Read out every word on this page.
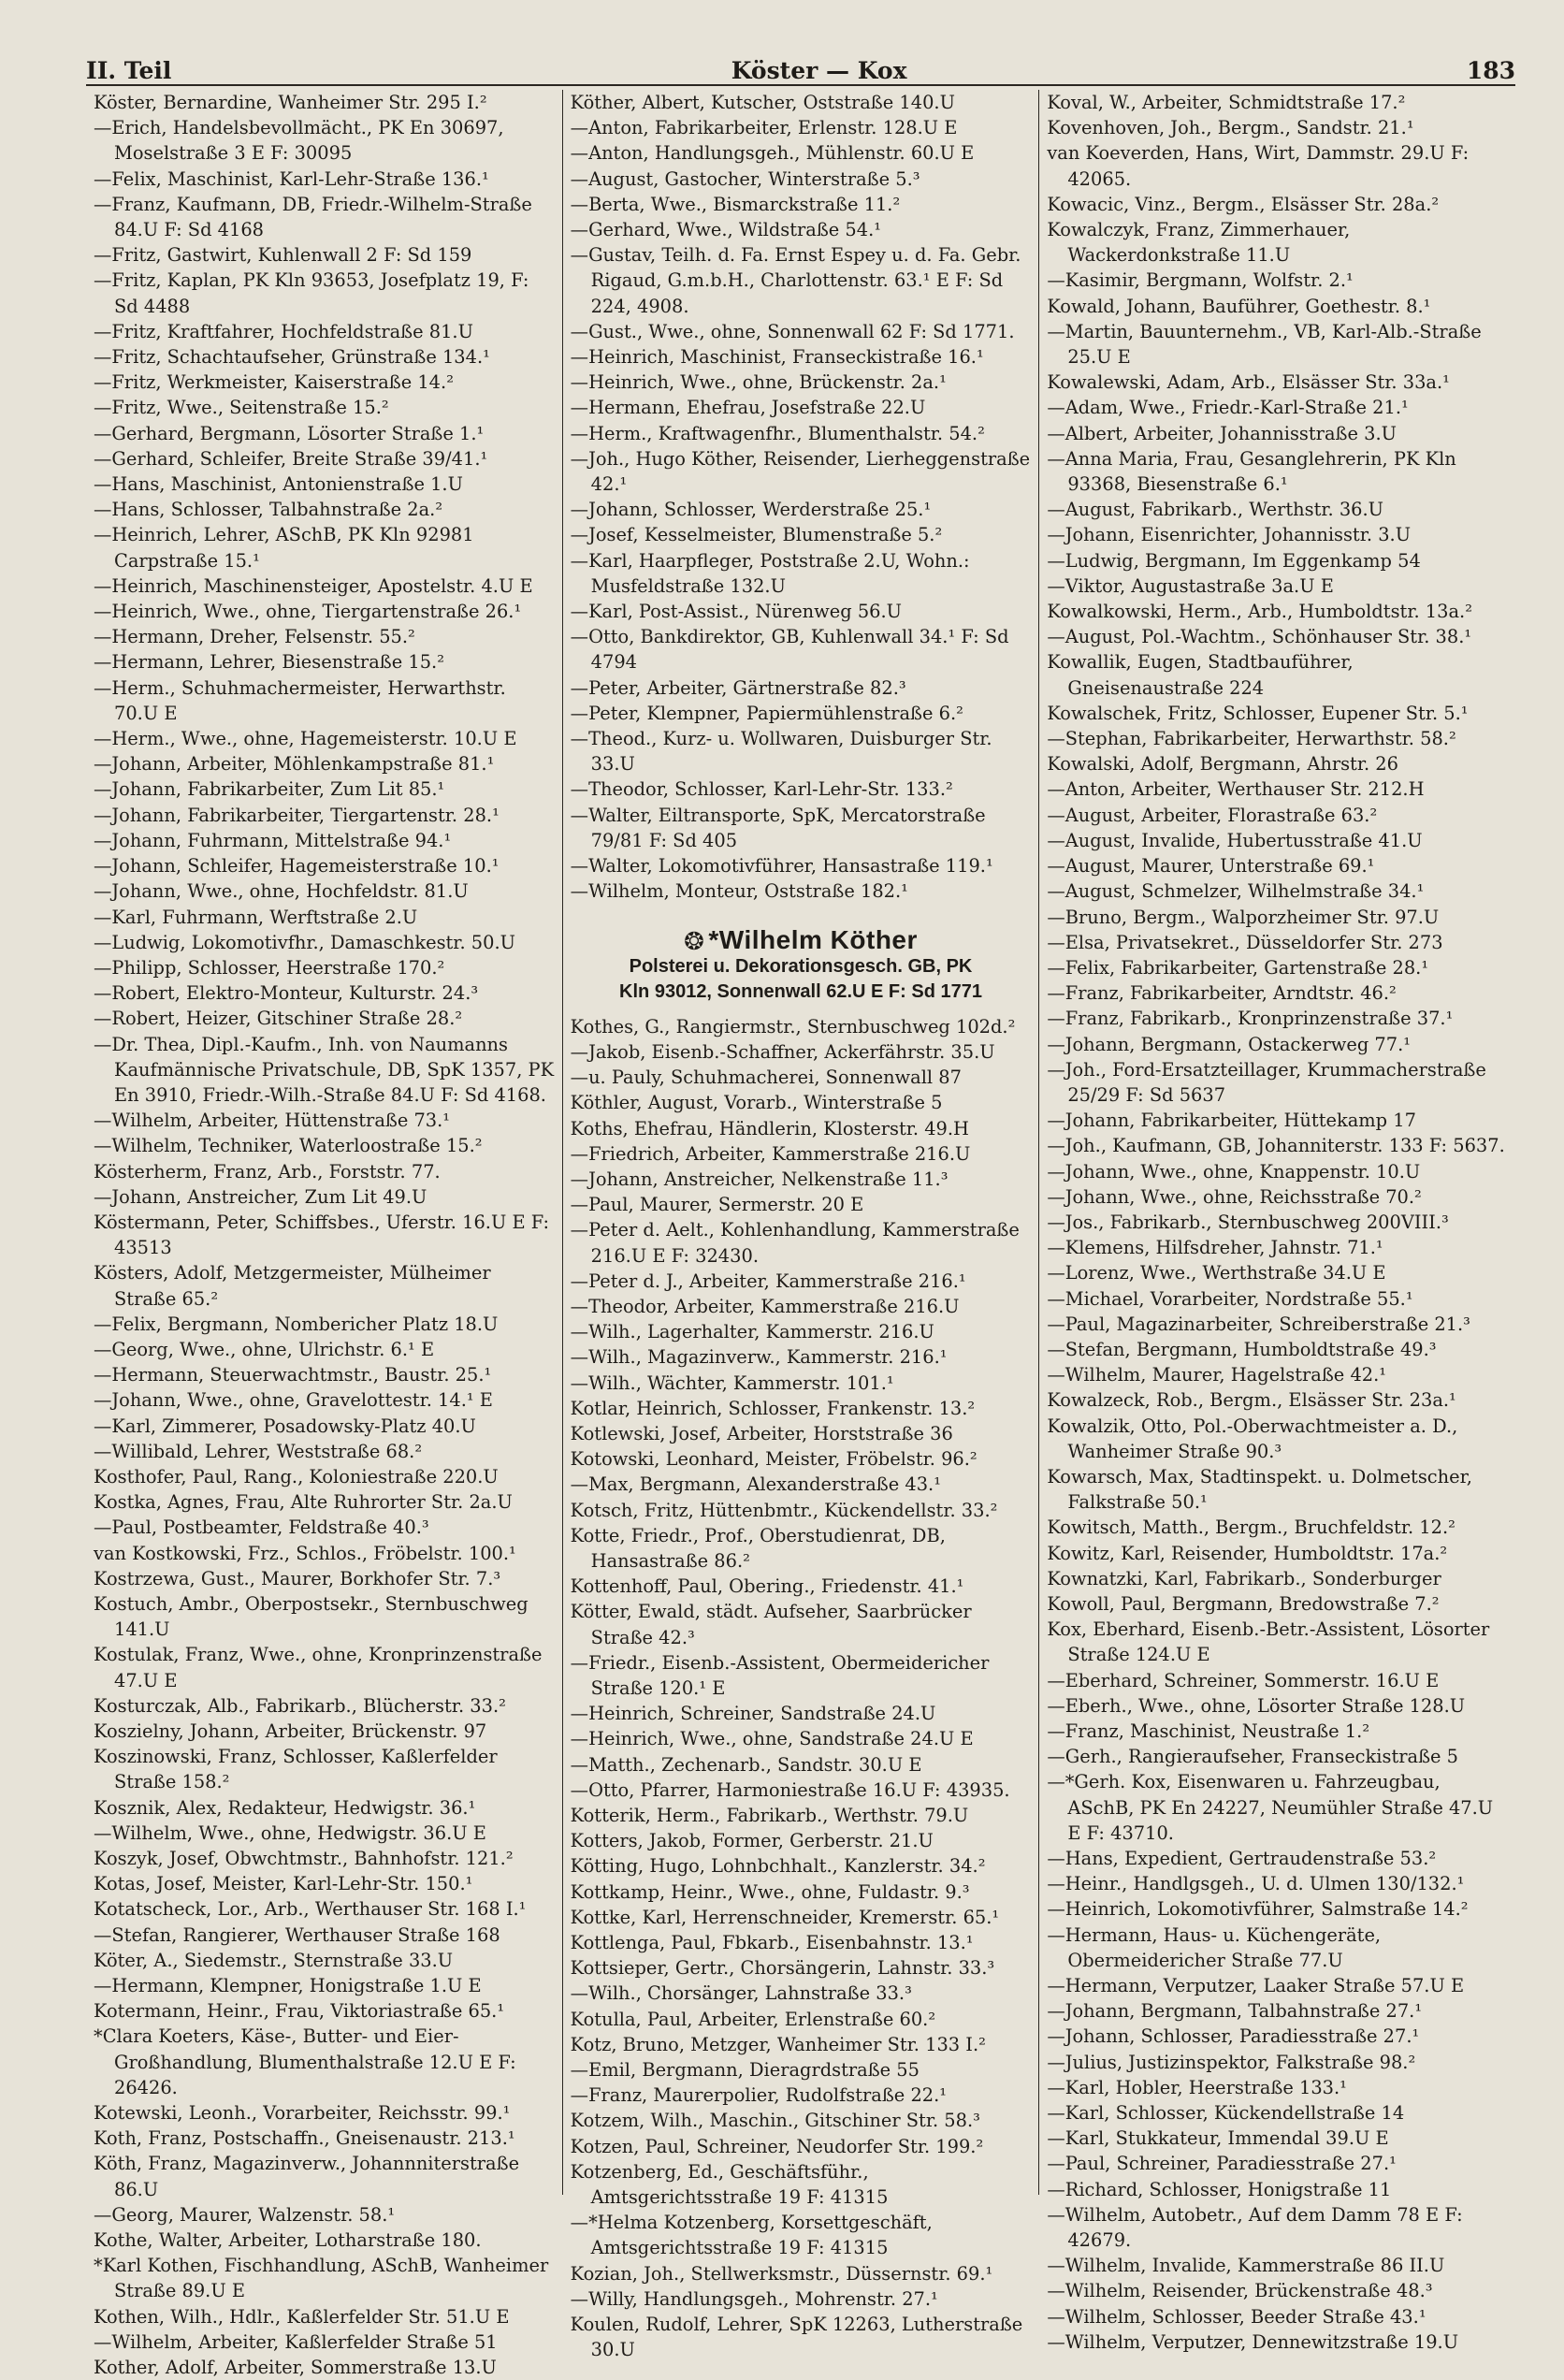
II. Teil	Köster — Kox	183
Köster, Bernardine, Wanheimer Str. 295 I.²
—Erich, Handelsbevollmächt., PK En 30697, Moselstraße 3 E F: 30095
—Felix, Maschinist, Karl-Lehr-Straße 136.¹
—Franz, Kaufmann, DB, Friedr.-Wilhelm-Straße 84.U F: Sd 4168
—Fritz, Gastwirt, Kuhlenwall 2 F: Sd 159
—Fritz, Kaplan, PK Kln 93653, Josefplatz 19, F: Sd 4488
—Fritz, Kraftfahrer, Hochfeldstraße 81.U
—Fritz, Schachtaufseher, Grünstraße 134.¹
—Fritz, Werkmeister, Kaiserstraße 14.²
—Fritz, Wwe., Seitenstraße 15.²
—Gerhard, Bergmann, Lösorter Straße 1.¹
—Gerhard, Schleifer, Breite Straße 39/41.¹
—Hans, Maschinist, Antonienstraße 1.U
—Hans, Schlosser, Talbahnstraße 2a.²
—Heinrich, Lehrer, ASchB, PK Kln 92981 Carpstraße 15.¹
—Heinrich, Maschinensteiger, Apostelstr. 4.U E
—Heinrich, Wwe., ohne, Tiergartenstraße 26.¹
—Hermann, Dreher, Felsenstr. 55.²
—Hermann, Lehrer, Biesenstraße 15.²
—Herm., Schuhmachermeister, Herwarthstr. 70.U E
—Herm., Wwe., ohne, Hagemeisterstr. 10.U E
—Johann, Arbeiter, Möhlenkampstraße 81.¹
—Johann, Fabrikarbeiter, Zum Lit 85.¹
—Johann, Fabrikarbeiter, Tiergartenstr. 28.¹
—Johann, Fuhrmann, Mittelstraße 94.¹
—Johann, Schleifer, Hagemeisterstraße 10.¹
—Johann, Wwe., ohne, Hochfeldstr. 81.U
—Karl, Fuhrmann, Werftstraße 2.U
—Ludwig, Lokomotivfhr., Damaschkestr. 50.U
—Philipp, Schlosser, Heerstraße 170.²
—Robert, Elektro-Monteur, Kulturstr. 24.³
—Robert, Heizer, Gitschiner Straße 28.²
—Dr. Thea, Dipl.-Kaufm., Inh. von Naumanns Kaufmännische Privatschule, DB, SpK 1357, PK En 3910, Friedr.-Wilh.-Straße 84.U F: Sd 4168.
—Wilhelm, Arbeiter, Hüttenstraße 73.¹
—Wilhelm, Techniker, Waterloostraße 15.²
Kösterherm, Franz, Arb., Forststr. 77.
—Johann, Anstreicher, Zum Lit 49.U
Köstermann, Peter, Schiffsbes., Uferstr. 16.U E F: 43513
Kösters, Adolf, Metzgermeister, Mülheimer Straße 65.²
—Felix, Bergmann, Nombericher Platz 18.U
—Georg, Wwe., ohne, Ulrichstr. 6.¹ E
—Hermann, Steuerwachtmstr., Baustr. 25.¹
—Johann, Wwe., ohne, Gravelottestr. 14.¹ E
—Karl, Zimmerer, Posadowsky-Platz 40.U
—Willibald, Lehrer, Weststraße 68.²
Kosthofer, Paul, Rang., Koloniestraße 220.U
Kostka, Agnes, Frau, Alte Ruhrorter Str. 2a.U
—Paul, Postbeamter, Feldstraße 40.³
van Kostkowski, Frz., Schlos., Fröbelstr. 100.¹
Kostrzewa, Gust., Maurer, Borkhofer Str. 7.³
Kostuch, Ambr., Oberpostsekr., Sternbuschweg 141.U
Kostulak, Franz, Wwe., ohne, Kronprinzenstraße 47.U E
Kosturczak, Alb., Fabrikarb., Blücherstr. 33.²
Koszielny, Johann, Arbeiter, Brückenstr. 97
Koszinowski, Franz, Schlosser, Kaßlerfelder Straße 158.²
Kosznik, Alex, Redakteur, Hedwigstr. 36.¹
—Wilhelm, Wwe., ohne, Hedwigstr. 36.U E
Koszyk, Josef, Obwchtmstr., Bahnhofstr. 121.²
Kotas, Josef, Meister, Karl-Lehr-Str. 150.¹
Kotatscheck, Lor., Arb., Werthauser Str. 168 I.¹
—Stefan, Rangierer, Werthauser Straße 168
Köter, A., Siedemstr., Sternstraße 33.U
—Hermann, Klempner, Honigstraße 1.U E
Kotermann, Heinr., Frau, Viktoriastraße 65.¹
*Clara Koeters, Käse-, Butter- und Eier-Großhandlung, Blumenthalstraße 12.U E F: 26426.
Kotewski, Leonh., Vorarbeiter, Reichsstr. 99.¹
Koth, Franz, Postschaffn., Gneisenaustr. 213.¹
Köth, Franz, Magazinverw., Johannniterstraße 86.U
—Georg, Maurer, Walzenstr. 58.¹
Kothe, Walter, Arbeiter, Lotharstraße 180.
*Karl Kothen, Fischhandlung, ASchB, Wanheimer Straße 89.U E
Kothen, Wilh., Hdlr., Kaßlerfelder Str. 51.U E
—Wilhelm, Arbeiter, Kaßlerfelder Straße 51
Kother, Adolf, Arbeiter, Sommerstraße 13.U
Köther, Albert, Kutscher, Oststraße 140.U
—Anton, Fabrikarbeiter, Erlenstr. 128.U E
—Anton, Handlungsgeh., Mühlenstr. 60.U E
—August, Gastocher, Winterstraße 5.³
—Berta, Wwe., Bismarckstraße 11.²
—Gerhard, Wwe., Wildstraße 54.¹
—Gustav, Teilh. d. Fa. Ernst Espey u. d. Fa. Gebr. Rigaud, G.m.b.H., Charlottenstr. 63.¹ E F: Sd 224, 4908.
—Gust., Wwe., ohne, Sonnenwall 62 F: Sd 1771.
—Heinrich, Maschinist, Franseckistraße 16.¹
—Heinrich, Wwe., ohne, Brückenstr. 2a.¹
—Hermann, Ehefrau, Josefstraße 22.U
—Herm., Kraftwagenfhr., Blumenthalstr. 54.²
—Joh., Hugo Köther, Reisender, Lierheggenstraße 42.¹
—Johann, Schlosser, Werderstraße 25.¹
—Josef, Kesselmeister, Blumenstraße 5.²
—Karl, Haarpfleger, Poststraße 2.U, Wohn.: Musfeldstraße 132.U
—Karl, Post-Assist., Nürenweg 56.U
—Otto, Bankdirektor, GB, Kuhlenwall 34.¹ F: Sd 4794
—Peter, Arbeiter, Gärtnerstraße 82.³
—Peter, Klempner, Papiermühlenstraße 6.²
—Theod., Kurz- u. Wollwaren, Duisburger Str. 33.U
—Theodor, Schlosser, Karl-Lehr-Str. 133.²
—Walter, Eiltransporte, SpK, Mercatorstraße 79/81 F: Sd 405
—Walter, Lokomotivführer, Hansastraße 119.¹
—Wilhelm, Monteur, Oststraße 182.¹
❂ *Wilhelm Köther
Polsterei u. Dekorationsgesch. GB, PK
Kln 93012, Sonnenwall 62.U E F: Sd 1771
Kothes, G., Rangiermstr., Sternbuschweg 102d.²
—Jakob, Eisenb.-Schaffner, Ackerfährstr. 35.U
—u. Pauly, Schuhmacherei, Sonnenwall 87
Köthler, August, Vorarb., Winterstraße 5
Koths, Ehefrau, Händlerin, Klosterstr. 49.H
—Friedrich, Arbeiter, Kammerstraße 216.U
—Johann, Anstreicher, Nelkenstraße 11.³
—Paul, Maurer, Sermerstr. 20 E
—Peter d. Aelt., Kohlenhandlung, Kammerstraße 216.U E F: 32430.
—Peter d. J., Arbeiter, Kammerstraße 216.¹
—Theodor, Arbeiter, Kammerstraße 216.U
—Wilh., Lagerhalter, Kammerstr. 216.U
—Wilh., Magazinverw., Kammerstr. 216.¹
—Wilh., Wächter, Kammerstr. 101.¹
Kotlar, Heinrich, Schlosser, Frankenstr. 13.²
Kotlewski, Josef, Arbeiter, Horststraße 36
Kotowski, Leonhard, Meister, Fröbelstr. 96.²
—Max, Bergmann, Alexanderstraße 43.¹
Kotsch, Fritz, Hüttenbmtr., Kückendellstr. 33.²
Kotte, Friedr., Prof., Oberstudienrat, DB, Hansastraße 86.²
Kottenhoff, Paul, Obering., Friedenstr. 41.¹
Kötter, Ewald, städt. Aufseher, Saarbrücker Straße 42.³
—Friedr., Eisenb.-Assistent, Obermeidericher Straße 120.¹ E
—Heinrich, Schreiner, Sandstraße 24.U
—Heinrich, Wwe., ohne, Sandstraße 24.U E
—Matth., Zechenarb., Sandstr. 30.U E
—Otto, Pfarrer, Harmoniestraße 16.U F: 43935.
Kotterik, Herm., Fabrikarb., Werthstr. 79.U
Kotters, Jakob, Former, Gerberstr. 21.U
Kötting, Hugo, Lohnbchhalt., Kanzlerstr. 34.²
Kottkamp, Heinr., Wwe., ohne, Fuldastr. 9.³
Kottke, Karl, Herrenschneider, Kremerstr. 65.¹
Kottlenga, Paul, Fbkarb., Eisenbahnstr. 13.¹
Kottsieper, Gertr., Chorsängerin, Lahnstr. 33.³
—Wilh., Chorsänger, Lahnstraße 33.³
Kotulla, Paul, Arbeiter, Erlenstraße 60.²
Kotz, Bruno, Metzger, Wanheimer Str. 133 I.²
—Emil, Bergmann, Dieragrdstraße 55
—Franz, Maurerpolier, Rudolfstraße 22.¹
Kotzem, Wilh., Maschin., Gitschiner Str. 58.³
Kotzen, Paul, Schreiner, Neudorfer Str. 199.²
Kotzenberg, Ed., Geschäftsführ., Amtsgerichtsstraße 19 F: 41315
—*Helma Kotzenberg, Korsettgeschäft, Amtsgerichtsstraße 19 F: 41315
Kozian, Joh., Stellwerksmstr., Düssernstr. 69.¹
—Willy, Handlungsgeh., Mohrenstr. 27.¹
Koulen, Rudolf, Lehrer, SpK 12263, Lutherstraße 30.U
Koval, W., Arbeiter, Schmidtstraße 17.²
Kovenhoven, Joh., Bergm., Sandstr. 21.¹
van Koeverden, Hans, Wirt, Dammstr. 29.U F: 42065.
Kowacic, Vinz., Bergm., Elsässer Str. 28a.²
Kowalczyk, Franz, Zimmerhauer, Wackerdonkstraße 11.U
—Kasimir, Bergmann, Wolfstr. 2.¹
Kowald, Johann, Bauführer, Goethestr. 8.¹
—Martin, Bauunternehm., VB, Karl-Alb.-Straße 25.U E
Kowalewski, Adam, Arb., Elsässer Str. 33a.¹
—Adam, Wwe., Friedr.-Karl-Straße 21.¹
—Albert, Arbeiter, Johannisstraße 3.U
—Anna Maria, Frau, Gesanglehrerin, PK Kln 93368, Biesenstraße 6.¹
—August, Fabrikarb., Werthstr. 36.U
—Johann, Eisenrichter, Johannisstr. 3.U
—Ludwig, Bergmann, Im Eggenkamp 54
—Viktor, Augustastraße 3a.U E
Kowalkowski, Herm., Arb., Humboldtstr. 13a.²
—August, Pol.-Wachtm., Schönhauser Str. 38.¹
Kowallik, Eugen, Stadtbauführer, Gneisenaustraße 224
Kowalschek, Fritz, Schlosser, Eupener Str. 5.¹
—Stephan, Fabrikarbeiter, Herwarthstr. 58.²
Kowalski, Adolf, Bergmann, Ahrstr. 26
—Anton, Arbeiter, Werthauser Str. 212.H
—August, Arbeiter, Florastraße 63.²
—August, Invalide, Hubertusstraße 41.U
—August, Maurer, Unterstraße 69.¹
—August, Schmelzer, Wilhelmstraße 34.¹
—Bruno, Bergm., Walporzheimer Str. 97.U
—Elsa, Privatsekret., Düsseldorfer Str. 273
—Felix, Fabrikarbeiter, Gartenstraße 28.¹
—Franz, Fabrikarbeiter, Arndtstr. 46.²
—Franz, Fabrikarb., Kronprinzenstraße 37.¹
—Johann, Bergmann, Ostackerweg 77.¹
—Joh., Ford-Ersatzteillager, Krummacherstraße 25/29 F: Sd 5637
—Johann, Fabrikarbeiter, Hüttekamp 17
—Joh., Kaufmann, GB, Johanniterstr. 133 F: 5637.
—Johann, Wwe., ohne, Knappenstr. 10.U
—Johann, Wwe., ohne, Reichsstraße 70.²
—Jos., Fabrikarb., Sternbuschweg 200VIII.³
—Klemens, Hilfsdreher, Jahnstr. 71.¹
—Lorenz, Wwe., Werthstraße 34.U E
—Michael, Vorarbeiter, Nordstraße 55.¹
—Paul, Magazinarbeiter, Schreiberstraße 21.³
—Stefan, Bergmann, Humboldtstraße 49.³
—Wilhelm, Maurer, Hagelstraße 42.¹
Kowalzeck, Rob., Bergm., Elsässer Str. 23a.¹
Kowalzik, Otto, Pol.-Oberwachtmeister a. D., Wanheimer Straße 90.³
Kowarsch, Max, Stadtinspekt. u. Dolmetscher, Falkstraße 50.¹
Kowitsch, Matth., Bergm., Bruchfeldstr. 12.²
Kowitz, Karl, Reisender, Humboldtstr. 17a.²
Kownatzki, Karl, Fabrikarb., Sonderburger
Kowoll, Paul, Bergmann, Bredowstraße 7.²
Kox, Eberhard, Eisenb.-Betr.-Assistent, Lösorter Straße 124.U E
—Eberhard, Schreiner, Sommerstr. 16.U E
—Eberh., Wwe., ohne, Lösorter Straße 128.U
—Franz, Maschinist, Neustraße 1.²
—Gerh., Rangieraufseher, Franseckistraße 5
—*Gerh. Kox, Eisenwaren u. Fahrzeugbau, ASchB, PK En 24227, Neumühler Straße 47.U E F: 43710.
—Hans, Expedient, Gertraudenstraße 53.²
—Heinr., Handlgsgeh., U. d. Ulmen 130/132.¹
—Heinrich, Lokomotivführer, Salmstraße 14.²
—Hermann, Haus- u. Küchengeräte, Obermeidericher Straße 77.U
—Hermann, Verputzer, Laaker Straße 57.U E
—Johann, Bergmann, Talbahnstraße 27.¹
—Johann, Schlosser, Paradiesstraße 27.¹
—Julius, Justizinspektor, Falkstraße 98.²
—Karl, Hobler, Heerstraße 133.¹
—Karl, Schlosser, Kückendellstraße 14
—Karl, Stukkateur, Immendal 39.U E
—Paul, Schreiner, Paradiesstraße 27.¹
—Richard, Schlosser, Honigstraße 11
—Wilhelm, Autobetr., Auf dem Damm 78 E F: 42679.
—Wilhelm, Invalide, Kammerstraße 86 II.U
—Wilhelm, Reisender, Brückenstraße 48.³
—Wilhelm, Schlosser, Beeder Straße 43.¹
—Wilhelm, Verputzer, Dennewitzstraße 19.U
